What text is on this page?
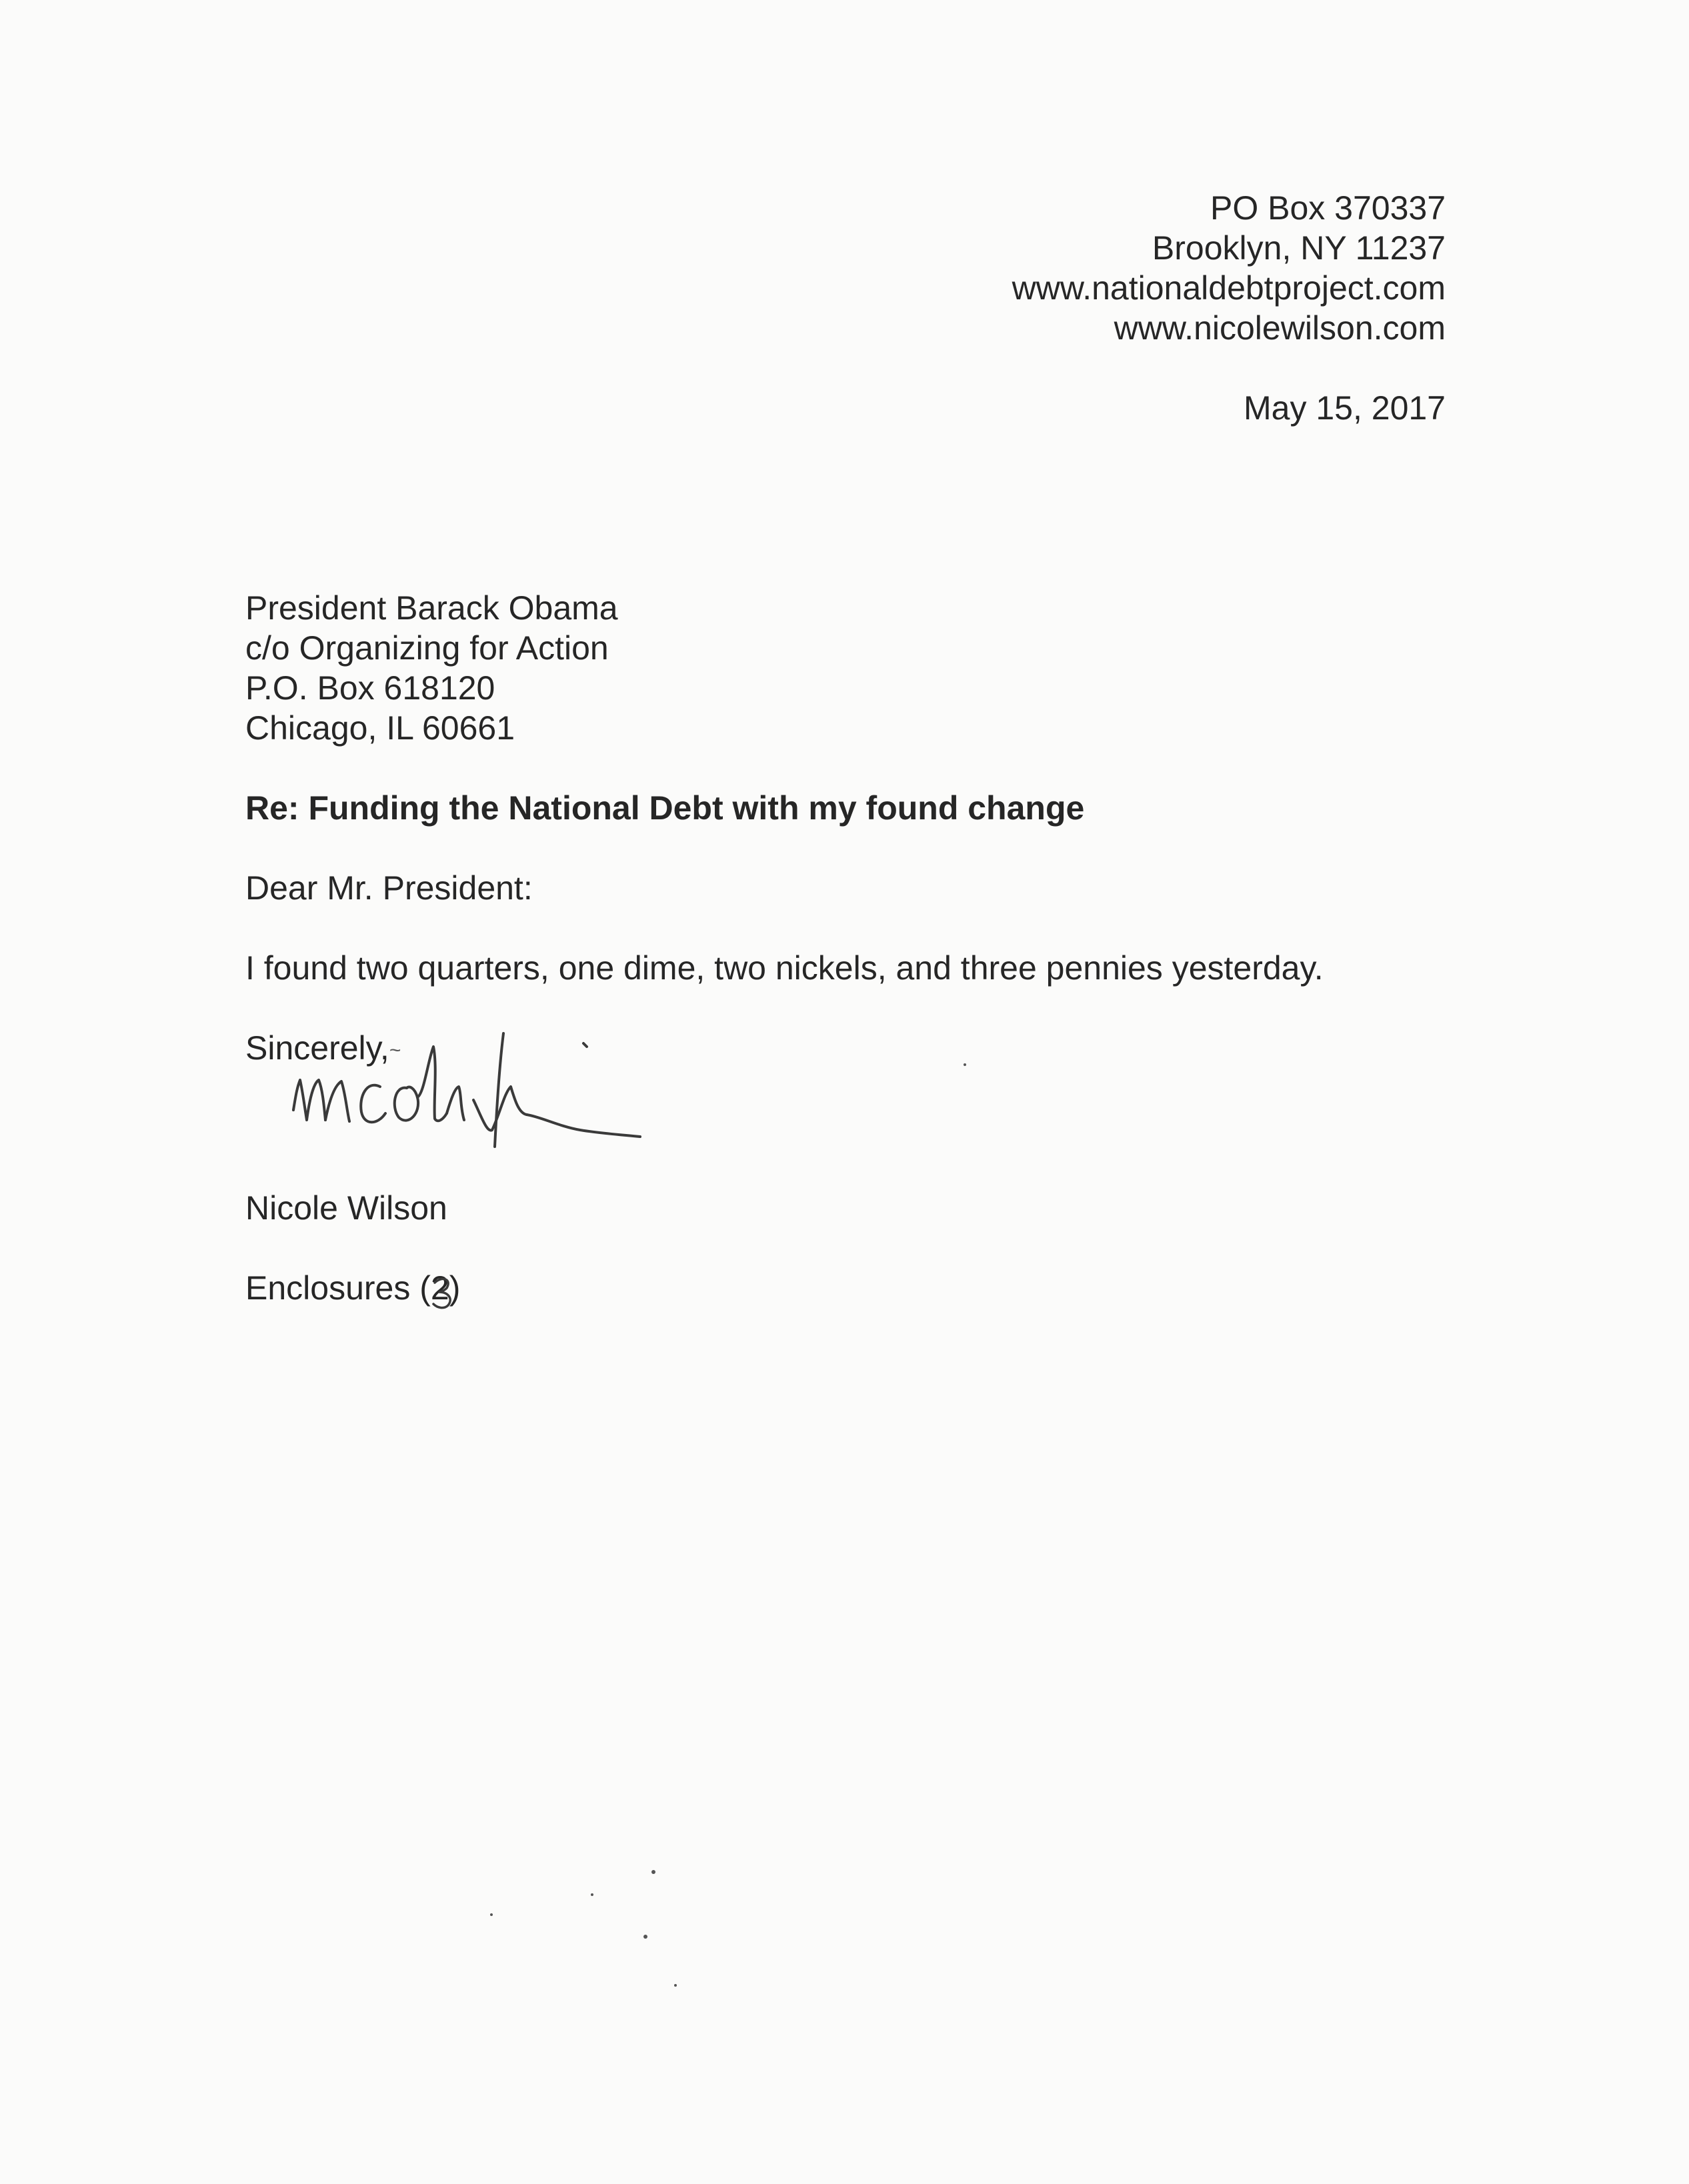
PO Box 370337
Brooklyn, NY 11237
www.nationaldebtproject.com
www.nicolewilson.com
May 15, 2017
President Barack Obama
c/o Organizing for Action
P.O. Box 618120
Chicago, IL 60661
Re: Funding the National Debt with my found change
Dear Mr. President:
I found two quarters, one dime, two nickels, and three pennies yesterday.
Sincerely,~
Nicole Wilson
Enclosures (2
)
